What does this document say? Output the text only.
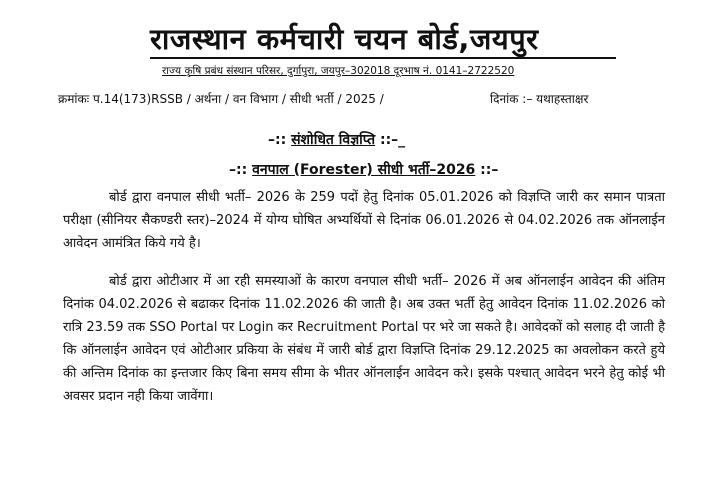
राजस्थान कर्मचारी चयन बोर्ड,जयपुर
राज्य कृषि प्रबंध संस्थान परिसर, दुर्गापुरा, जयपुर–302018 दूरभाष नं. 0141–2722520
क्रमांकः प.14(173)RSSB / अर्थना / वन विभाग / सीधी भर्ती / 2025 /	दिनांक :– यथाहस्ताक्षर
–:: संशोधित विज्ञप्ति ::–_
–:: वनपाल (Forester) सीधी भर्ती–2026 ::–
बोर्ड द्वारा वनपाल सीधी भर्ती– 2026 के 259 पदों हेतु दिनांक 05.01.2026 को विज्ञप्ति जारी कर समान पात्रता परीक्षा (सीनियर सैकण्डरी स्तर)–2024 में योग्य घोषित अभ्यर्थियों से दिनांक 06.01.2026 से 04.02.2026 तक ऑनलाईन आवेदन आमंत्रित किये गये है।
बोर्ड द्वारा ओटीआर में आ रही समस्याओं के कारण वनपाल सीधी भर्ती– 2026 में अब ऑनलाईन आवेदन की अंतिम दिनांक 04.02.2026 से बढाकर दिनांक 11.02.2026 की जाती है। अब उक्त भर्ती हेतु आवेदन दिनांक 11.02.2026 को रात्रि 23.59 तक SSO Portal पर Login कर Recruitment Portal पर भरे जा सकते है। आवेदकों को सलाह दी जाती है कि ऑनलाईन आवेदन एवं ओटीआर प्रकिया के संबंध में जारी बोर्ड द्वारा विज्ञप्ति दिनांक 29.12.2025 का अवलोकन करते हुये की अन्तिम दिनांक का इन्तजार किए बिना समय सीमा के भीतर ऑनलाईन आवेदन करे। इसके पश्चात् आवेदन भरने हेतु कोई भी अवसर प्रदान नही किया जावेंगा।
